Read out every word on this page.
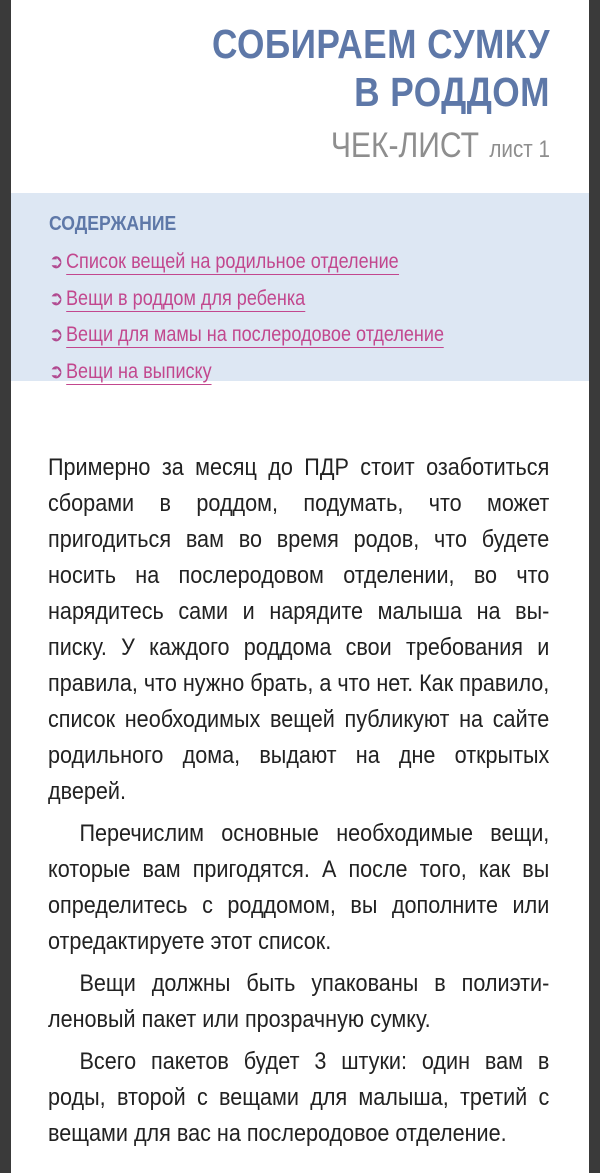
СОБИРАЕМ СУМКУ
В РОДДОМ
ЧЕК-ЛИСТ лист 1
СОДЕРЖАНИЕ
➲ Список вещей на родильное отделение
➲ Вещи в роддом для ребенка
➲ Вещи для мамы на послеродовое отделение
➲ Вещи на выписку

Примерно за месяц до ПДР стоит озаботиться сборами в роддом, подумать, что может пригодиться вам во время родов, что будете носить на послеродовом отделении, во что нарядитесь сами и нарядите малыша на выписку. У каждого роддома свои требования и правила, что нужно брать, а что нет. Как правило, список необходимых вещей публикуют на сайте родильного дома, выдают на дне открытых дверей.

Перечислим основные необходимые вещи, которые вам пригодятся. А после того, как вы определитесь с роддомом, вы дополните или отредактируете этот список.

Вещи должны быть упакованы в полиэтиленовый пакет или прозрачную сумку.

Всего пакетов будет 3 штуки: один вам в роды, второй с вещами для малыша, третий с вещами для вас на послеродовое отделение.
